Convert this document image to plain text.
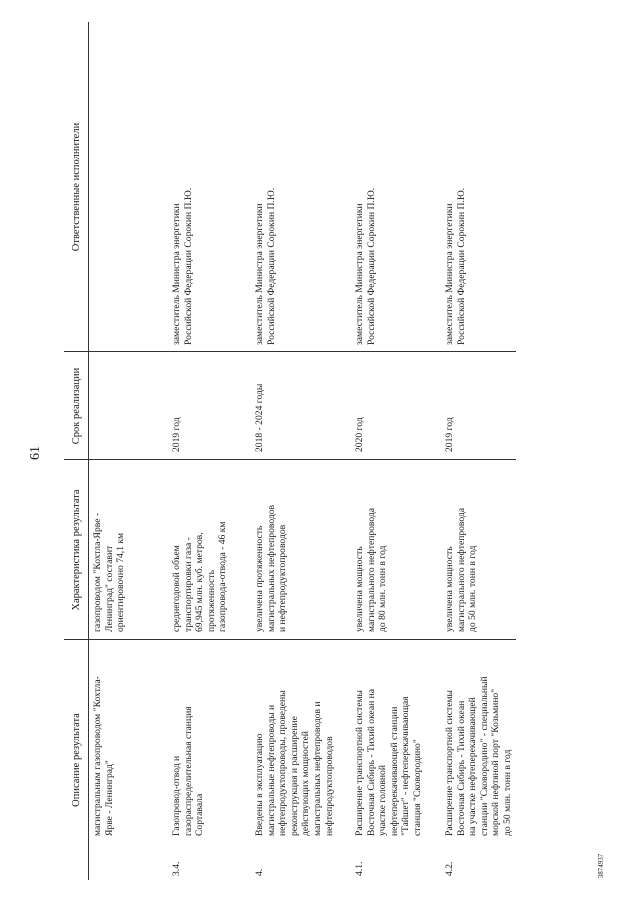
61
3874937
Описание результата
Характеристика результата
Срок реализации
Ответственные исполнители
магистральным газопроводом "Кохтла- Ярве - Ленинград"
газопроводом "Кохтла-Ярве - Ленинград" составит ориентировочно 74,1 км
3.4.
Газопровод-отвод и газораспределительная станция Сортавала
среднегодовой объем транспортировки газа - 69,945 млн. куб. метров, протяженность газопровода-отвода - 46 км
2019 год
заместитель Министра энергетики Российской Федерации Сорокин П.Ю.
4.
Введены в эксплуатацию магистральные нефтепроводы и нефтепродуктопроводы, проведены реконструкция и расширение действующих мощностей магистральных нефтепроводов и нефтепродуктопроводов
увеличена протяженность магистральных нефтепроводов и нефтепродуктопроводов
2018 - 2024 годы
заместитель Министра энергетики Российской Федерации Сорокин П.Ю.
4.1.
Расширение транспортной системы Восточная Сибирь - Тихий океан на участке головной нефтеперекачивающей станции "Тайшет" - нефтеперекачивающая станция "Сковородино"
увеличена мощность магистрального нефтепровода до 80 млн. тонн в год
2020 год
заместитель Министра энергетики Российской Федерации Сорокин П.Ю.
4.2.
Расширение транспортной системы Восточная Сибирь - Тихий океан на участке нефтеперекачивающей станции "Сковородино" - специальный морской нефтяной порт "Козьмино" до 50 млн. тонн в год
увеличена мощность магистрального нефтепровода до 50 млн. тонн в год
2019 год
заместитель Министра энергетики Российской Федерации Сорокин П.Ю.
